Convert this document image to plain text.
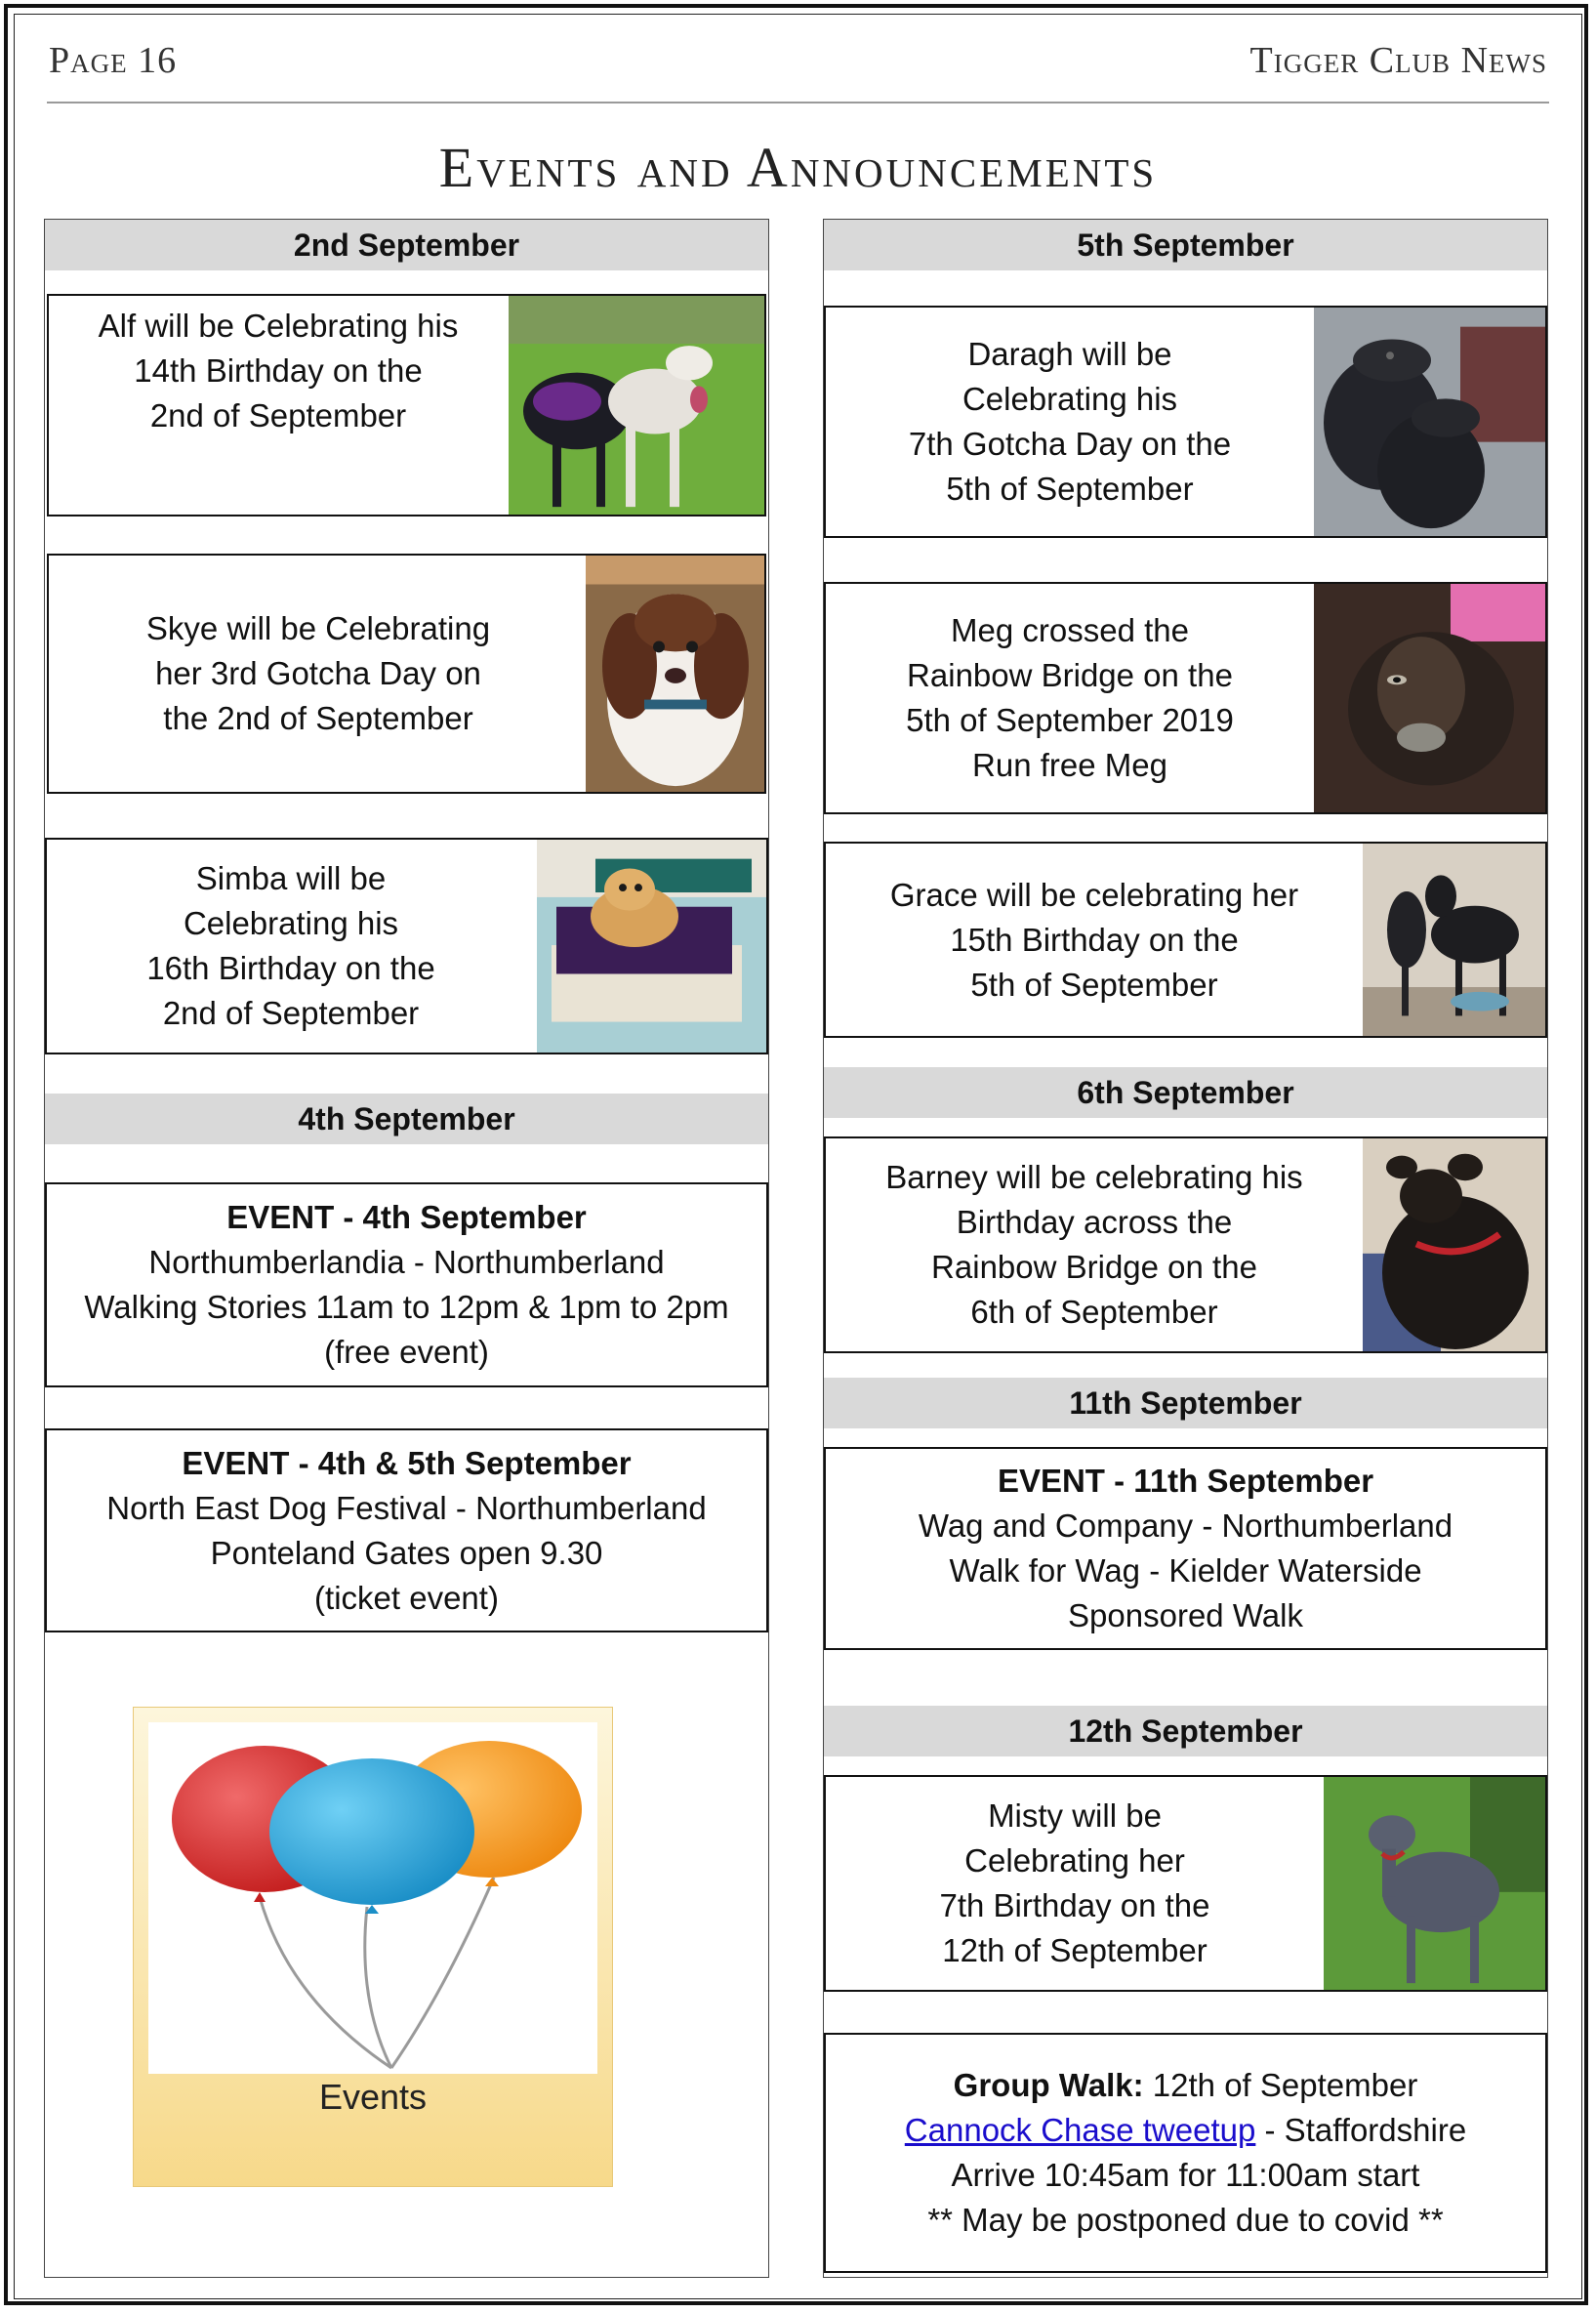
Page 16	Tigger Club News
Events and Announcements
2nd September
Alf will be Celebrating his
14th Birthday on the
2nd of September
Skye will be Celebrating
her 3rd Gotcha Day on
the 2nd of September
Simba will be
Celebrating his
16th Birthday on the
2nd of September
4th September
EVENT - 4th September
Northumberlandia - Northumberland
Walking Stories 11am to 12pm & 1pm to 2pm
(free event)
EVENT - 4th & 5th September
North East Dog Festival - Northumberland
Ponteland Gates open 9.30
(ticket event)
Events
5th September
Daragh will be
Celebrating his
7th Gotcha Day on the
5th of September
Meg crossed the
Rainbow Bridge on the
5th of September 2019
Run free Meg
Grace will be celebrating her
15th Birthday on the
5th of September
6th September
Barney will be celebrating his
Birthday across the
Rainbow Bridge on the
6th of September
11th September
EVENT - 11th September
Wag and Company - Northumberland
Walk for Wag - Kielder Waterside
Sponsored Walk
12th September
Misty will be
Celebrating her
7th Birthday on the
12th of September
Group Walk: 12th of September
Cannock Chase tweetup - Staffordshire
Arrive 10:45am for 11:00am start
** May be postponed due to covid **
